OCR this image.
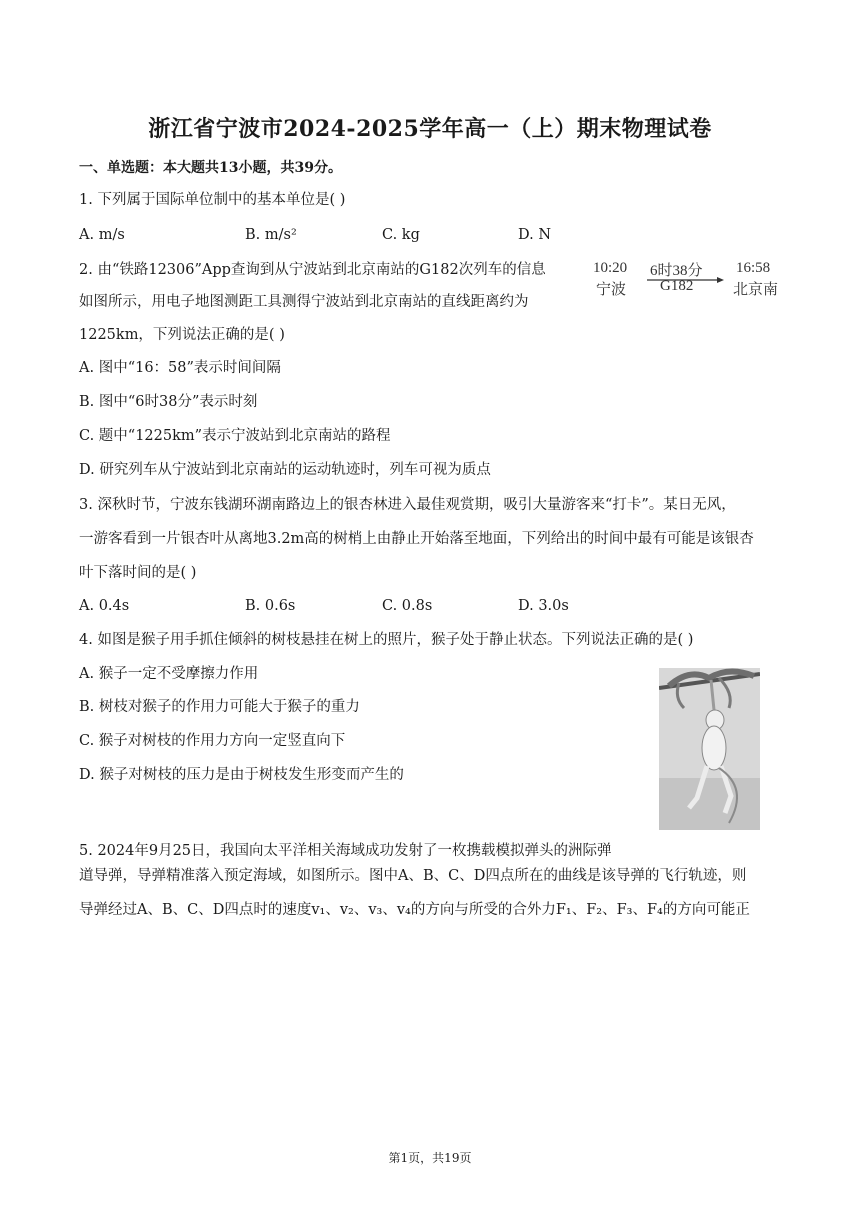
浙江省宁波市2024-2025学年高一（上）期末物理试卷
一、单选题：本大题共13小题，共39分。
1. 下列属于国际单位制中的基本单位是( )
A. m/s	B. m/s²	C. kg	D. N
2. 由“铁路12306”App查询到从宁波站到北京南站的G182次列车的信息
如图所示，用电子地图测距工具测得宁波站到北京南站的直线距离约为
1225km，下列说法正确的是( )
A. 图中“16：58”表示时间间隔
B. 图中“6时38分”表示时刻
C. 题中“1225km”表示宁波站到北京南站的路程
D. 研究列车从宁波站到北京南站的运动轨迹时，列车可视为质点
10:20
宁波
6时38分
G182
16:58
北京南
3. 深秋时节，宁波东钱湖环湖南路边上的银杏林进入最佳观赏期，吸引大量游客来“打卡”。某日无风，
一游客看到一片银杏叶从离地3.2m高的树梢上由静止开始落至地面，下列给出的时间中最有可能是该银杏
叶下落时间的是( )
A. 0.4s	B. 0.6s	C. 0.8s	D. 3.0s
4. 如图是猴子用手抓住倾斜的树枝悬挂在树上的照片，猴子处于静止状态。下列说法正确的是( )
A. 猴子一定不受摩擦力作用
B. 树枝对猴子的作用力可能大于猴子的重力
C. 猴子对树枝的作用力方向一定竖直向下
D. 猴子对树枝的压力是由于树枝发生形变而产生的
5. 2024年9月25日，我国向太平洋相关海域成功发射了一枚携载模拟弹头的洲际弹
道导弹，导弹精准落入预定海域，如图所示。图中A、B、C、D四点所在的曲线是该导弹的飞行轨迹，则
导弹经过A、B、C、D四点时的速度v₁、v₂、v₃、v₄的方向与所受的合外力F₁、F₂、F₃、F₄的方向可能正
第1页，共19页
